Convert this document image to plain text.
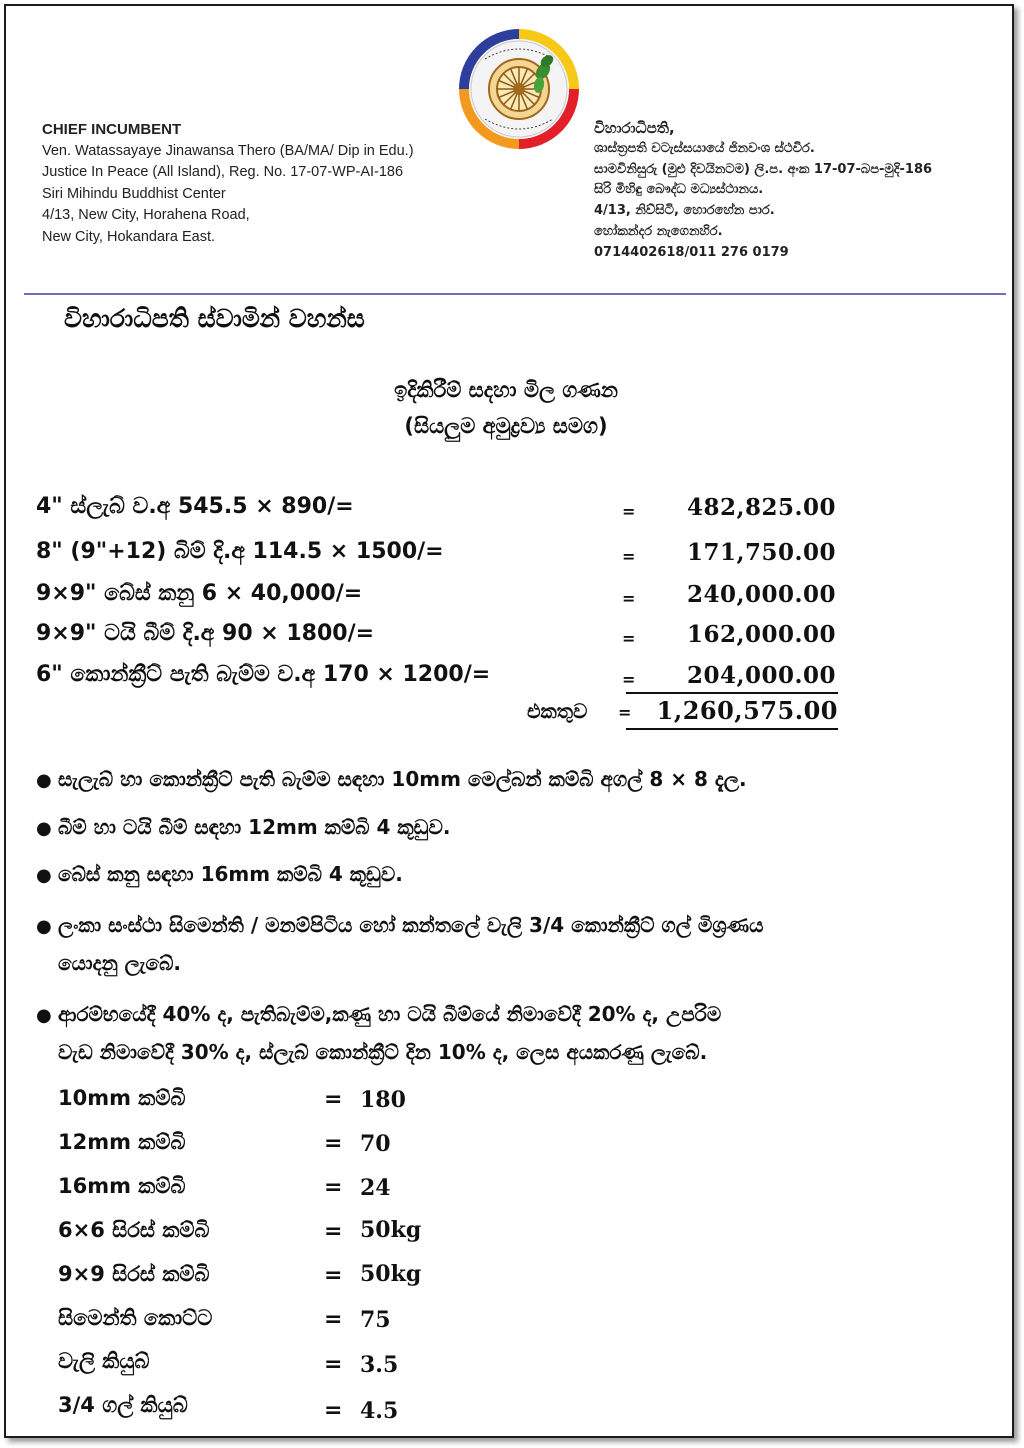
CHIEF INCUMBENT
Ven. Watassayaye Jinawansa Thero (BA/MA/ Dip in Edu.)
Justice In Peace (All Island), Reg. No. 17-07-WP-AI-186
Siri Mihindu Buddhist Center
4/13, New City, Horahena Road,
New City, Hokandara East.
විහාරාධිපති,
ශාස්ත්‍රපති වටැස්සයායේ ජිනවංශ ස්ථවිර.
සාමවිනිසුරු (මුළු දිවයිනටම) ලි.ප. අංක 17-07-බප-මුදි-186
සිරි මිහිඳු බෞද්ධ මධ්‍යස්ථානය.
4/13, නිව්සිටි, හොරහේන පාර.
හෝකන්දර නැගෙනහිර.
0714402618/011 276 0179
විහාරාධිපති ස්වාමින් වහන්ස
ඉදිකිරීම් සදහා මිල ගණන
(සියලුම අමුද්‍රව්‍ය සමග)
4" ස්ලැබ් ව.අ 545.5 × 890/=	=	482,825.00
8" (9"+12) බිම් දි.අ 114.5 × 1500/=	=	171,750.00
9×9" බේස් කනු 6 × 40,000/=	=	240,000.00
9×9" ටයි බීම් දි.අ 90 × 1800/=	=	162,000.00
6" කොන්ක්‍රීට් පැති බැම්ම ව.අ 170 × 1200/=	=	204,000.00
එකතුව =	1,260,575.00
● සැලැබ් හා කොන්ක්‍රීට් පැති බැම්ම සඳහා 10mm මෙල්බන් කම්බි අගල් 8 × 8 දැල.
● බීම් හා ටයි බීම් සඳහා 12mm කම්බි 4 කූඩුව.
● බේස් කනු සඳහා 16mm කම්බි 4 කූඩුව.
● ලංකා සංස්ථා සිමෙන්ති / මනම්පිටිය හෝ කන්තලේ වැලි 3/4 කොන්ක්‍රීට් ගල් මිශ්‍රණය
යොදනු ලැබේ.
● ආරම්භයේදී 40% ද, පැතිබැම්ම,කණු හා ටයි බීම්යේ නිමාවේදී 20% ද, උපරිම
වැඩ නිමාවේදී 30% ද, ස්ලැබ් කොන්ක්‍රීට් දින 10% ද, ලෙස අයකරණු ලැබේ.
10mm කම්බි	= 180
12mm කම්බි	= 70
16mm කම්බි	= 24
6×6 සිරස් කම්බි	= 50kg
9×9 සිරස් කම්බි	= 50kg
සිමෙන්ති කොට්ට	= 75
වැලි කියුබ්	= 3.5
3/4 ගල් කියුබ්	= 4.5
